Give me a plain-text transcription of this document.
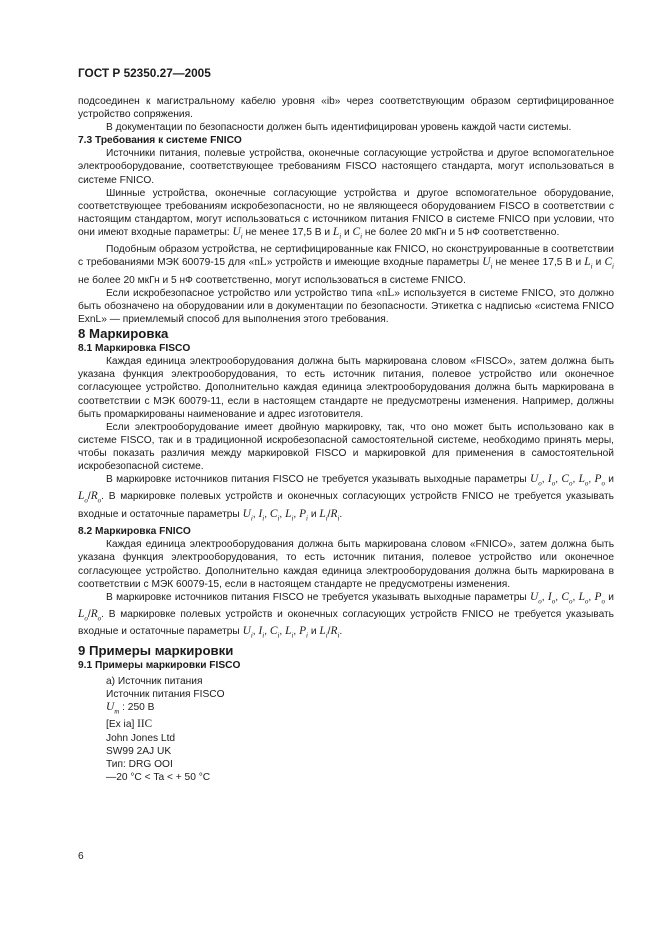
ГОСТ Р 52350.27—2005

подсоединен к магистральному кабелю уровня «ib» через соответствующим образом сертифицированное устройство сопряжения.

В документации по безопасности должен быть идентифицирован уровень каждой части системы.

7.3 Требования к системе FNICO

Источники питания, полевые устройства, оконечные согласующие устройства и другое вспомогательное электрооборудование, соответствующее требованиям FISCO настоящего стандарта, могут использоваться в системе FNICO.

Шинные устройства, оконечные согласующие устройства и другое вспомогательное оборудование, соответствующее требованиям искробезопасности, но не являющееся оборудованием FISCO в соответствии с настоящим стандартом, могут использоваться с источником питания FNICO в системе FNICO при условии, что они имеют входные параметры: $U_i$ не менее 17,5 В и $L_i$ и $C_i$ не более 20 мкГн и 5 нФ соответственно.

Подобным образом устройства, не сертифицированные как FNICO, но сконструированные в соответствии с требованиями МЭК 60079-15 для «nL» устройств и имеющие входные параметры $U_i$ не менее 17,5 В и $L_i$ и $C_i$ не более 20 мкГн и 5 нФ соответственно, могут использоваться в системе FNICO.

Если искробезопасное устройство или устройство типа «nL» используется в системе FNICO, это должно быть обозначено на оборудовании или в документации по безопасности. Этикетка с надписью «система FNICO ExnL» — приемлемый способ для выполнения этого требования.

8 Маркировка

8.1 Маркировка FISCO

Каждая единица электрооборудования должна быть маркирована словом «FISCO», затем должна быть указана функция электрооборудования, то есть источник питания, полевое устройство или оконечное согласующее устройство. Дополнительно каждая единица электрооборудования должна быть маркирована в соответствии с МЭК 60079-11, если в настоящем стандарте не предусмотрены изменения. Например, должны быть промаркированы наименование и адрес изготовителя.

Если электрооборудование имеет двойную маркировку, так, что оно может быть использовано как в системе FISCO, так и в традиционной искробезопасной самостоятельной системе, необходимо принять меры, чтобы показать различия между маркировкой FISCO и маркировкой для применения в самостоятельной искробезопасной системе.

В маркировке источников питания FISCO не требуется указывать выходные параметры $U_o$, $I_o$, $C_o$, $L_o$, $P_o$ и $L_o/R_o$. В маркировке полевых устройств и оконечных согласующих устройств FNICO не требуется указывать входные и остаточные параметры $U_i$, $I_i$, $C_i$, $L_i$, $P_i$ и $L_i/R_i$.

8.2 Маркировка FNICO

Каждая единица электрооборудования должна быть маркирована словом «FNICO», затем должна быть указана функция электрооборудования, то есть источник питания, полевое устройство или оконечное согласующее устройство. Дополнительно каждая единица электрооборудования должна быть маркирована в соответствии с МЭК 60079-15, если в настоящем стандарте не предусмотрены изменения.

В маркировке источников питания FISCO не требуется указывать выходные параметры $U_o$, $I_o$, $C_o$, $L_o$, $P_o$ и $L_o/R_o$. В маркировке полевых устройств и оконечных согласующих устройств FNICO не требуется указывать входные и остаточные параметры $U_i$, $I_i$, $C_i$, $L_i$, $P_i$ и $L_i/R_i$.

9 Примеры маркировки

9.1 Примеры маркировки FISCO

а) Источник питания
Источник питания FISCO
$U_m$ : 250 В
[Ex ia] IIC
John Jones Ltd
SW99 2AJ UK
Тип: DRG OOI
—20 °С < Ta < + 50 °С
6
